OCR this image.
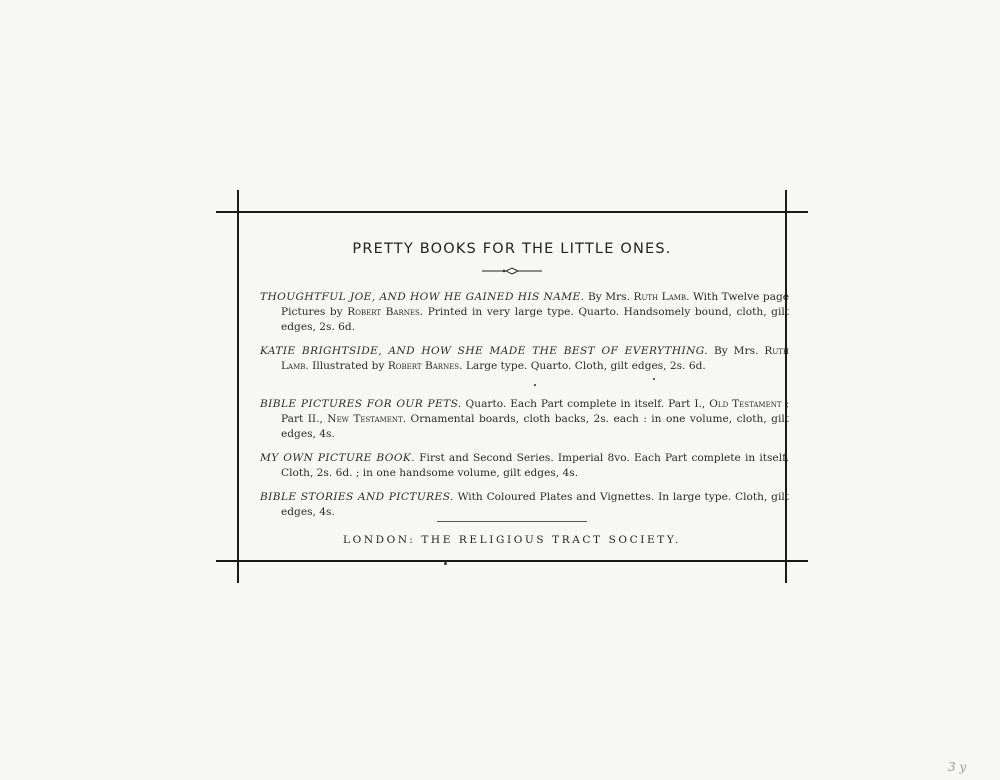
PRETTY BOOKS FOR THE LITTLE ONES.
THOUGHTFUL JOE, AND HOW HE GAINED HIS NAME. By Mrs. Ruth Lamb. With Twelve page Pictures by Robert Barnes. Printed in very large type. Quarto. Handsomely bound, cloth, gilt edges, 2s. 6d.
KATIE BRIGHTSIDE, AND HOW SHE MADE THE BEST OF EVERYTHING. By Mrs. Ruth Lamb. Illustrated by Robert Barnes. Large type. Quarto. Cloth, gilt edges, 2s. 6d.
BIBLE PICTURES FOR OUR PETS. Quarto. Each Part complete in itself. Part I., Old Testament ; Part II., New Testament. Ornamental boards, cloth backs, 2s. each : in one volume, cloth, gilt edges, 4s.
MY OWN PICTURE BOOK. First and Second Series. Imperial 8vo. Each Part complete in itself. Cloth, 2s. 6d. ; in one handsome volume, gilt edges, 4s.
BIBLE STORIES AND PICTURES. With Coloured Plates and Vignettes. In large type. Cloth, gilt edges, 4s.
LONDON: THE RELIGIOUS TRACT SOCIETY.
3 y
